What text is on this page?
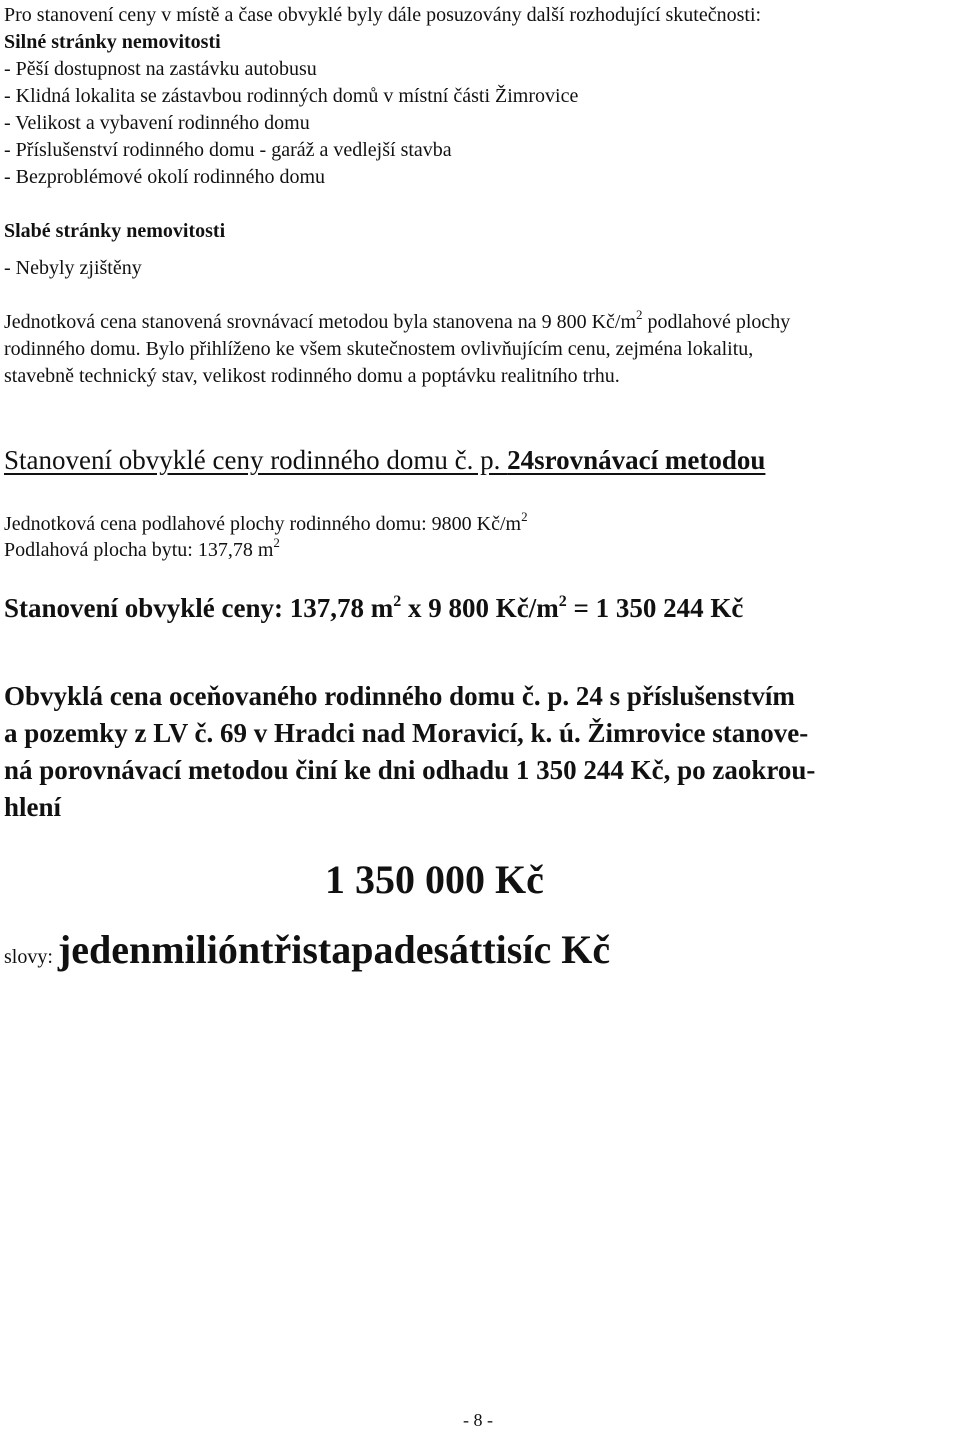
Pro stanovení ceny v místě a čase obvyklé byly dále posuzovány další rozhodující skutečnosti:
Silné stránky nemovitosti
- Pěší dostupnost na zastávku autobusu
- Klidná lokalita se zástavbou rodinných domů v místní části Žimrovice
- Velikost a vybavení rodinného domu
- Příslušenství rodinného domu - garáž a vedlejší stavba
- Bezproblémové okolí rodinného domu
Slabé stránky nemovitosti
- Nebyly zjištěny
Jednotková cena stanovená srovnávací metodou byla stanovena na 9 800 $Kč/m^2$ podlahové plochy
rodinného domu. Bylo přihlíženo ke všem skutečnostem ovlivňujícím cenu, zejména lokalitu,
stavebně technický stav, velikost rodinného domu a poptávku realitního trhu.
Stanovení obvyklé ceny rodinného domu č. p. 24srovnávací metodou
Jednotková cena podlahové plochy rodinného domu: 9800 $Kč/m^2$
Podlahová plocha bytu: 137,78 $m^2$
Stanovení obvyklé ceny: 137,78 $m^2$ x 9 800 $Kč/m^2 = 1$ 350 244 Kč
Obvyklá cena oceňovaného rodinného domu č. p. 24 s příslušenstvím
a pozemky z LV č. 69 v Hradci nad Moravicí, k. ú. Žimrovice stanove-
ná porovnávací metodou činí ke dni odhadu 1 350 244 Kč, po zaokrou-
hlení
1 350 000 Kč
slovy: jedenmilióntřistapadesáttisíc Kč
- 8 -
